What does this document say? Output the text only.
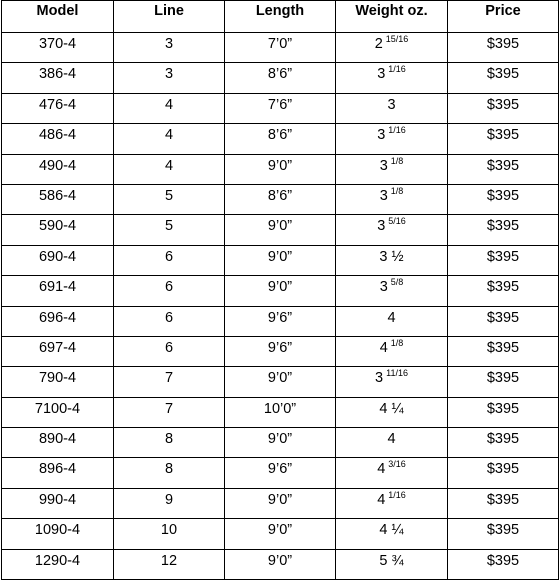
Model	Line	Length	Weight oz.	Price
370-4	3	7’0”	2 $^{15/16}$	$395
386-4	3	8’6”	3 $^{1/16}$	$395
476-4	4	7’6”	3	$395
486-4	4	8’6”	3 $^{1/16}$	$395
490-4	4	9’0”	3 $^{1/8}$	$395
586-4	5	8’6”	3 $^{1/8}$	$395
590-4	5	9’0”	3 $^{5/16}$	$395
690-4	6	9’0”	3 ½	$395
691-4	6	9’0”	3 $^{5/8}$	$395
696-4	6	9’6”	4	$395
697-4	6	9’6”	4 $^{1/8}$	$395
790-4	7	9’0”	3 $^{11/16}$	$395
7100-4	7	10’0”	4 ¼	$395
890-4	8	9’0”	4	$395
896-4	8	9’6”	4 $^{3/16}$	$395
990-4	9	9’0”	4 $^{1/16}$	$395
1090-4	10	9’0”	4 ¼	$395
1290-4	12	9’0”	5 ¾	$395
